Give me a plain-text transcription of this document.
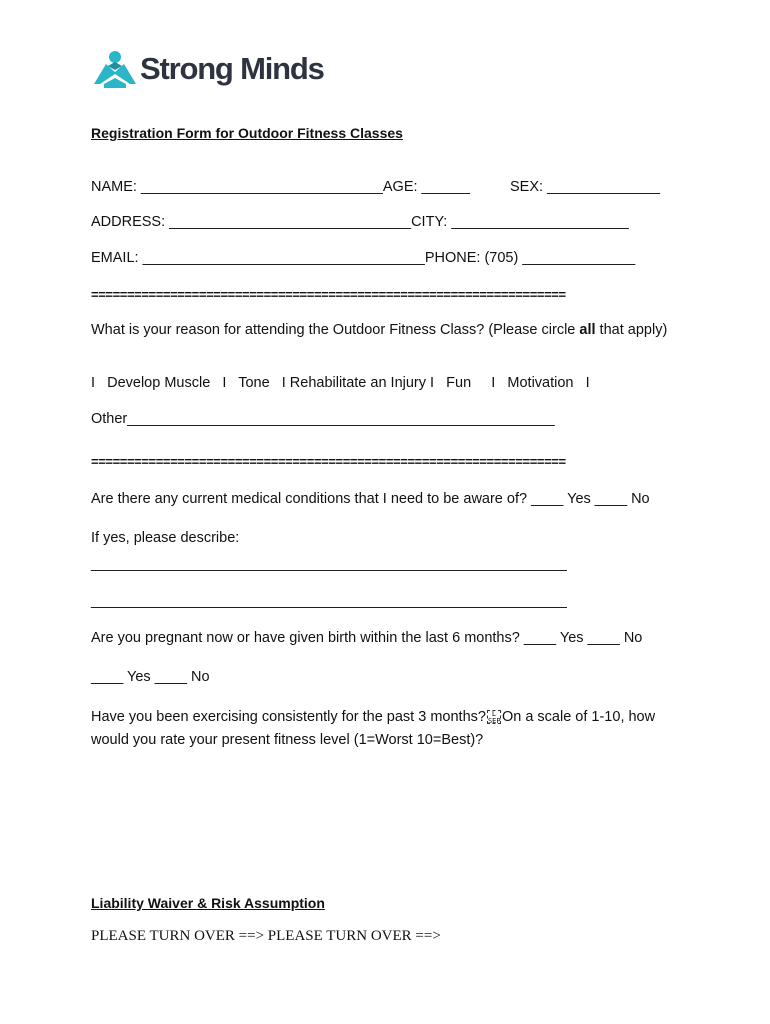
Strong Minds
Registration Form for Outdoor Fitness Classes
NAME: ______________________________AGE: ______	SEX: ______________
ADDRESS: ______________________________CITY: ______________________
EMAIL: ___________________________________PHONE: (705) ______________
==================================================================
What is your reason for attending the Outdoor Fitness Class? (Please circle all that apply)
I   Develop Muscle   I   Tone   I Rehabilitate an Injury I   Fun     I   Motivation   I
Other_____________________________________________________
==================================================================
Are there any current medical conditions that I need to be aware of? ____ Yes ____ No
If yes, please describe:
___________________________________________________________
___________________________________________________________
Are you pregnant now or have given birth within the last 6 months? ____ Yes ____ No
____ Yes ____ No
Have you been exercising consistently for the past 3 months? L
SEPOn a scale of 1-10, how would you rate your present fitness level (1=Worst 10=Best)?
Liability Waiver & Risk Assumption
PLEASE TURN OVER ==> PLEASE TURN OVER ==>
